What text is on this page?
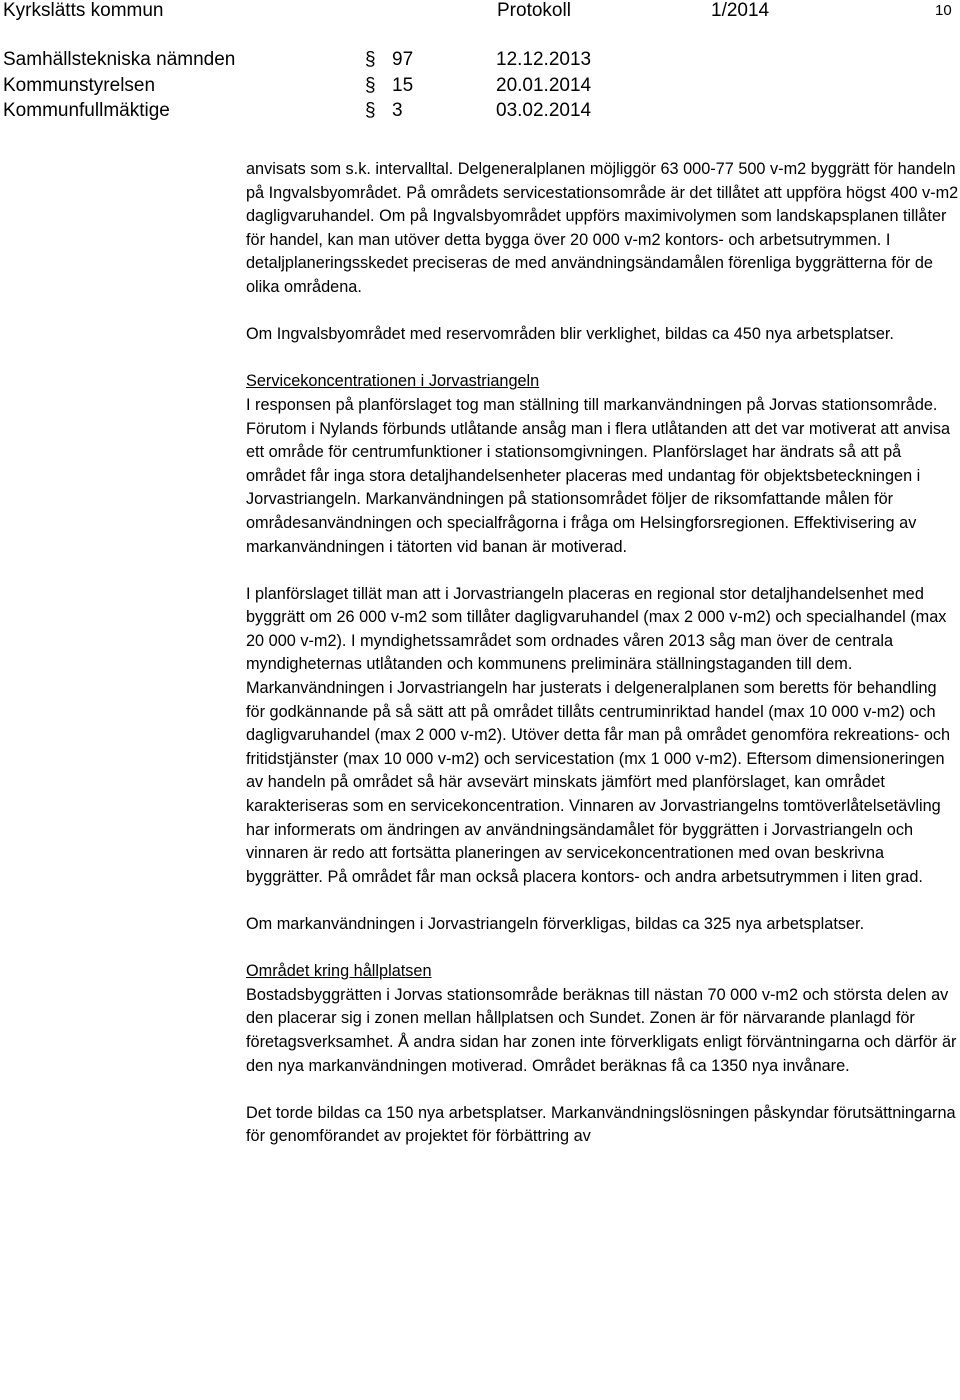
Kyrkslätts kommun	Protokoll	1/2014	10
Samhällstekniska nämnden	§ 97	12.12.2013
Kommunstyrelsen	§ 15	20.01.2014
Kommunfullmäktige	§ 3	03.02.2014

anvisats som s.k. intervalltal. Delgeneralplanen möjliggör 63 000-77 500 v-m2 byggrätt för handeln på Ingvalsbyområdet. På områdets servicestationsområde är det tillåtet att uppföra högst 400 v-m2 dagligvaruhandel. Om på Ingvalsbyområdet uppförs maximivolymen som landskapsplanen tillåter för handel, kan man utöver detta bygga över 20 000 v-m2 kontors- och arbetsutrymmen. I detaljplaneringsskedet preciseras de med användningsändamålen förenliga byggrätterna för de olika områdena.

Om Ingvalsbyområdet med reservområden blir verklighet, bildas ca 450 nya arbetsplatser.

Servicekoncentrationen i Jorvastriangeln

I responsen på planförslaget tog man ställning till markanvändningen på Jorvas stationsområde. Förutom i Nylands förbunds utlåtande ansåg man i flera utlåtanden att det var motiverat att anvisa ett område för centrumfunktioner i stationsomgivningen. Planförslaget har ändrats så att på området får inga stora detaljhandelsenheter placeras med undantag för objektsbeteckningen i Jorvastriangeln. Markanvändningen på stationsområdet följer de riksomfattande målen för områdesanvändningen och specialfrågorna i fråga om Helsingforsregionen. Effektivisering av markanvändningen i tätorten vid banan är motiverad.

I planförslaget tillät man att i Jorvastriangeln placeras en regional stor detaljhandelsenhet med byggrätt om 26 000 v-m2 som tillåter dagligvaruhandel (max 2 000 v-m2) och specialhandel (max 20 000 v-m2). I myndighetssamrådet som ordnades våren 2013 såg man över de centrala myndigheternas utlåtanden och kommunens preliminära ställningstaganden till dem. Markanvändningen i Jorvastriangeln har justerats i delgeneralplanen som beretts för behandling för godkännande på så sätt att på området tillåts centruminriktad handel (max 10 000 v-m2) och dagligvaruhandel (max 2 000 v-m2). Utöver detta får man på området genomföra rekreations- och fritidstjänster (max 10 000 v-m2) och servicestation (mx 1 000 v-m2). Eftersom dimensioneringen av handeln på området så här avsevärt minskats jämfört med planförslaget, kan området karakteriseras som en servicekoncentration. Vinnaren av Jorvastriangelns tomtöverlåtelsetävling har informerats om ändringen av användningsändamålet för byggrätten i Jorvastriangeln och vinnaren är redo att fortsätta planeringen av servicekoncentrationen med ovan beskrivna byggrätter. På området får man också placera kontors- och andra arbetsutrymmen i liten grad.

Om markanvändningen i Jorvastriangeln förverkligas, bildas ca 325 nya arbetsplatser.

Området kring hållplatsen

Bostadsbyggrätten i Jorvas stationsområde beräknas till nästan 70 000 v-m2 och största delen av den placerar sig i zonen mellan hållplatsen och Sundet. Zonen är för närvarande planlagd för företagsverksamhet. Å andra sidan har zonen inte förverkligats enligt förväntningarna och därför är den nya markanvändningen motiverad. Området beräknas få ca 1350 nya invånare.

Det torde bildas ca 150 nya arbetsplatser. Markanvändningslösningen påskyndar förutsättningarna för genomförandet av projektet för förbättring av
